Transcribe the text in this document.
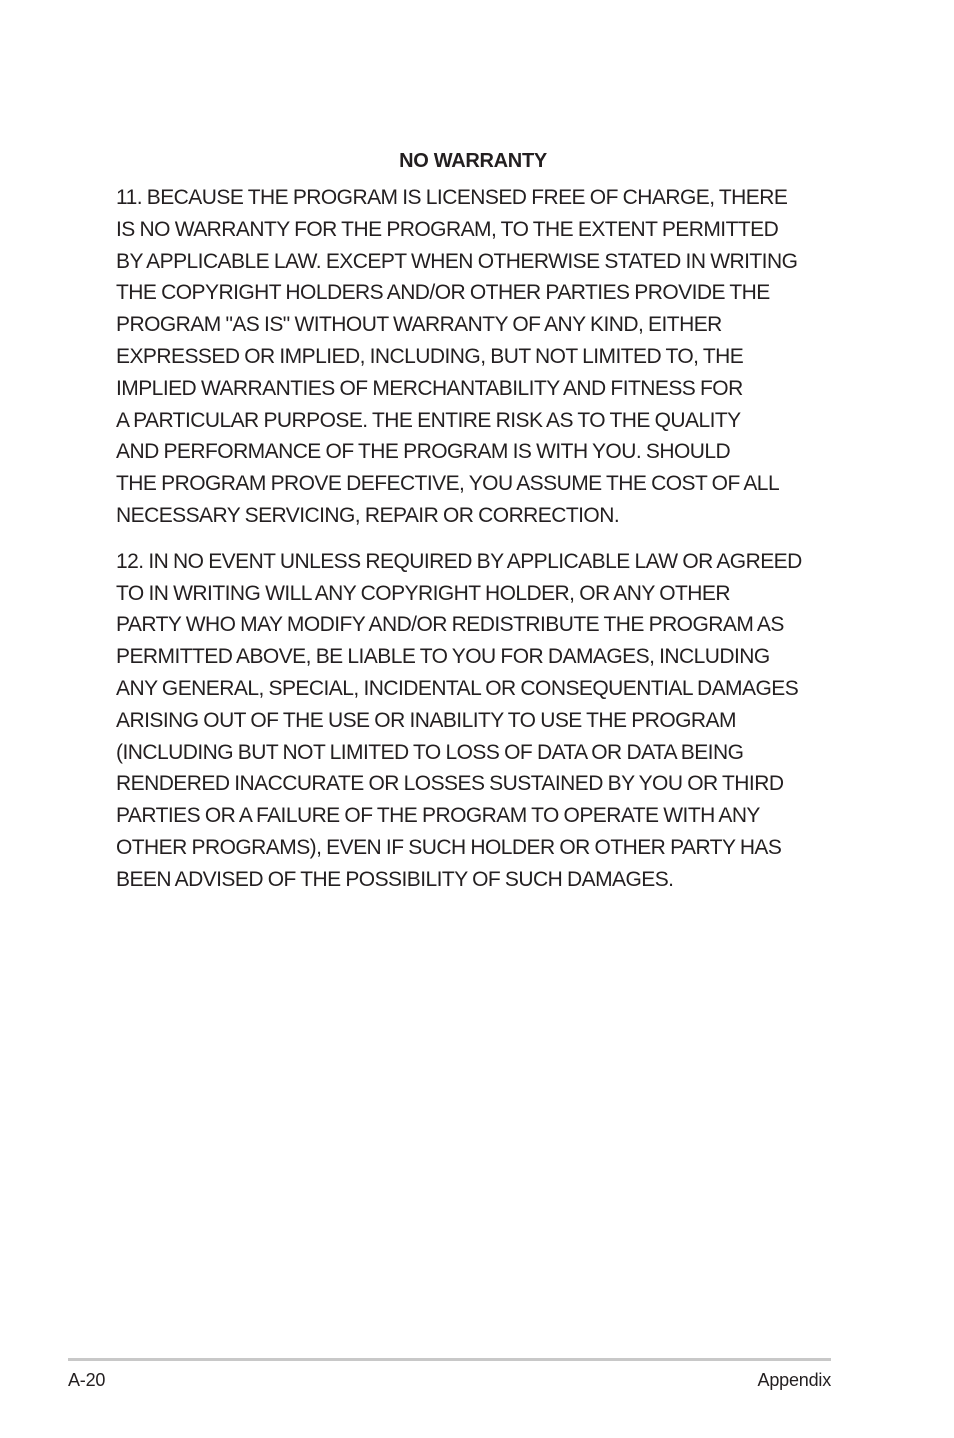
NO WARRANTY
11. BECAUSE THE PROGRAM IS LICENSED FREE OF CHARGE, THERE
IS NO WARRANTY FOR THE PROGRAM, TO THE EXTENT PERMITTED
BY APPLICABLE LAW. EXCEPT WHEN OTHERWISE STATED IN WRITING
THE COPYRIGHT HOLDERS AND/OR OTHER PARTIES PROVIDE THE
PROGRAM "AS IS" WITHOUT WARRANTY OF ANY KIND, EITHER
EXPRESSED OR IMPLIED, INCLUDING, BUT NOT LIMITED TO, THE
IMPLIED WARRANTIES OF MERCHANTABILITY AND FITNESS FOR
A PARTICULAR PURPOSE. THE ENTIRE RISK AS TO THE QUALITY
AND PERFORMANCE OF THE PROGRAM IS WITH YOU. SHOULD
THE PROGRAM PROVE DEFECTIVE, YOU ASSUME THE COST OF ALL
NECESSARY SERVICING, REPAIR OR CORRECTION.
12. IN NO EVENT UNLESS REQUIRED BY APPLICABLE LAW OR AGREED
TO IN WRITING WILL ANY COPYRIGHT HOLDER, OR ANY OTHER
PARTY WHO MAY MODIFY AND/OR REDISTRIBUTE THE PROGRAM AS
PERMITTED ABOVE, BE LIABLE TO YOU FOR DAMAGES, INCLUDING
ANY GENERAL, SPECIAL, INCIDENTAL OR CONSEQUENTIAL DAMAGES
ARISING OUT OF THE USE OR INABILITY TO USE THE PROGRAM
(INCLUDING BUT NOT LIMITED TO LOSS OF DATA OR DATA BEING
RENDERED INACCURATE OR LOSSES SUSTAINED BY YOU OR THIRD
PARTIES OR A FAILURE OF THE PROGRAM TO OPERATE WITH ANY
OTHER PROGRAMS), EVEN IF SUCH HOLDER OR OTHER PARTY HAS
BEEN ADVISED OF THE POSSIBILITY OF SUCH DAMAGES.
A-20	Appendix
